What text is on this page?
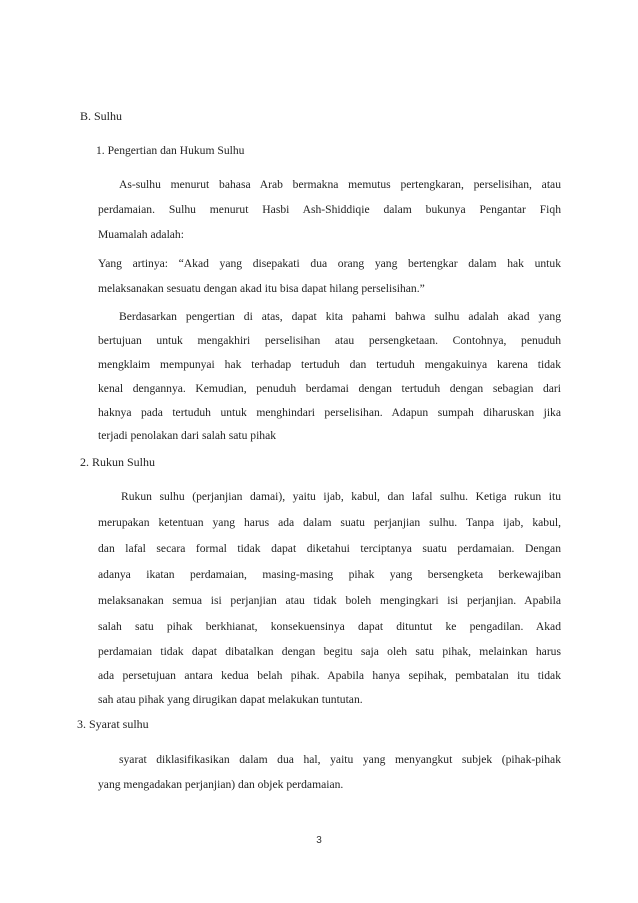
B. Sulhu
1. Pengertian dan Hukum Sulhu
As-sulhu menurut bahasa Arab bermakna memutus pertengkaran, perselisihan, atau
perdamaian. Sulhu menurut Hasbi Ash-Shiddiqie dalam bukunya Pengantar Fiqh
Muamalah adalah:
Yang artinya: “Akad yang disepakati dua orang yang bertengkar dalam hak untuk
melaksanakan sesuatu dengan akad itu bisa dapat hilang perselisihan.”
Berdasarkan pengertian di atas, dapat kita pahami bahwa sulhu adalah akad yang
bertujuan untuk mengakhiri perselisihan atau persengketaan. Contohnya, penuduh
mengklaim mempunyai hak terhadap tertuduh dan tertuduh mengakuinya karena tidak
kenal dengannya. Kemudian, penuduh berdamai dengan tertuduh dengan sebagian dari
haknya pada tertuduh untuk menghindari perselisihan. Adapun sumpah diharuskan jika
terjadi penolakan dari salah satu pihak
2. Rukun Sulhu
Rukun sulhu (perjanjian damai), yaitu ijab, kabul, dan lafal sulhu. Ketiga rukun itu
merupakan ketentuan yang harus ada dalam suatu perjanjian sulhu. Tanpa ijab, kabul,
dan lafal secara formal tidak dapat diketahui terciptanya suatu perdamaian. Dengan
adanya ikatan perdamaian, masing-masing pihak yang bersengketa berkewajiban
melaksanakan semua isi perjanjian atau tidak boleh mengingkari isi perjanjian. Apabila
salah satu pihak berkhianat, konsekuensinya dapat dituntut ke pengadilan. Akad
perdamaian tidak dapat dibatalkan dengan begitu saja oleh satu pihak, melainkan harus
ada persetujuan antara kedua belah pihak. Apabila hanya sepihak, pembatalan itu tidak
sah atau pihak yang dirugikan dapat melakukan tuntutan.
3. Syarat sulhu
syarat diklasifikasikan dalam dua hal, yaitu yang menyangkut subjek (pihak-pihak
yang mengadakan perjanjian) dan objek perdamaian.
3
